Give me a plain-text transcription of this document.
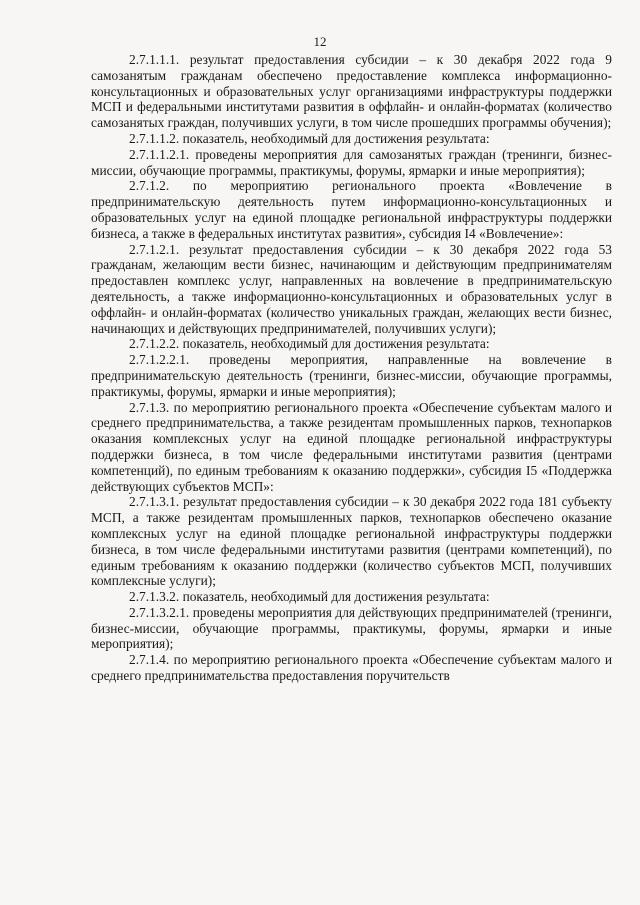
12

2.7.1.1.1. результат предоставления субсидии – к 30 декабря 2022 года 9 самозанятым гражданам обеспечено предоставление комплекса информационно-консультационных и образовательных услуг организациями инфраструктуры поддержки МСП и федеральными институтами развития в оффлайн- и онлайн-форматах (количество самозанятых граждан, получивших услуги, в том числе прошедших программы обучения);

2.7.1.1.2. показатель, необходимый для достижения результата:

2.7.1.1.2.1. проведены мероприятия для самозанятых граждан (тренинги, бизнес-миссии, обучающие программы, практикумы, форумы, ярмарки и иные мероприятия);

2.7.1.2. по мероприятию регионального проекта «Вовлечение в предпринимательскую деятельность путем информационно-консультационных и образовательных услуг на единой площадке региональной инфраструктуры поддержки бизнеса, а также в федеральных институтах развития», субсидия I4 «Вовлечение»:

2.7.1.2.1. результат предоставления субсидии – к 30 декабря 2022 года 53 гражданам, желающим вести бизнес, начинающим и действующим предпринимателям предоставлен комплекс услуг, направленных на вовлечение в предпринимательскую деятельность, а также информационно-консультационных и образовательных услуг в оффлайн- и онлайн-форматах (количество уникальных граждан, желающих вести бизнес, начинающих и действующих предпринимателей, получивших услуги);

2.7.1.2.2. показатель, необходимый для достижения результата:

2.7.1.2.2.1. проведены мероприятия, направленные на вовлечение в предпринимательскую деятельность (тренинги, бизнес-миссии, обучающие программы, практикумы, форумы, ярмарки и иные мероприятия);

2.7.1.3. по мероприятию регионального проекта «Обеспечение субъектам малого и среднего предпринимательства, а также резидентам промышленных парков, технопарков оказания комплексных услуг на единой площадке региональной инфраструктуры поддержки бизнеса, в том числе федеральными институтами развития (центрами компетенций), по единым требованиям к оказанию поддержки», субсидия I5 «Поддержка действующих субъектов МСП»:

2.7.1.3.1. результат предоставления субсидии – к 30 декабря 2022 года 181 субъекту МСП, а также резидентам промышленных парков, технопарков обеспечено оказание комплексных услуг на единой площадке региональной инфраструктуры поддержки бизнеса, в том числе федеральными институтами развития (центрами компетенций), по единым требованиям к оказанию поддержки (количество субъектов МСП, получивших комплексные услуги);

2.7.1.3.2. показатель, необходимый для достижения результата:

2.7.1.3.2.1. проведены мероприятия для действующих предпринимателей (тренинги, бизнес-миссии, обучающие программы, практикумы, форумы, ярмарки и иные мероприятия);

2.7.1.4. по мероприятию регионального проекта «Обеспечение субъектам малого и среднего предпринимательства предоставления поручительств
